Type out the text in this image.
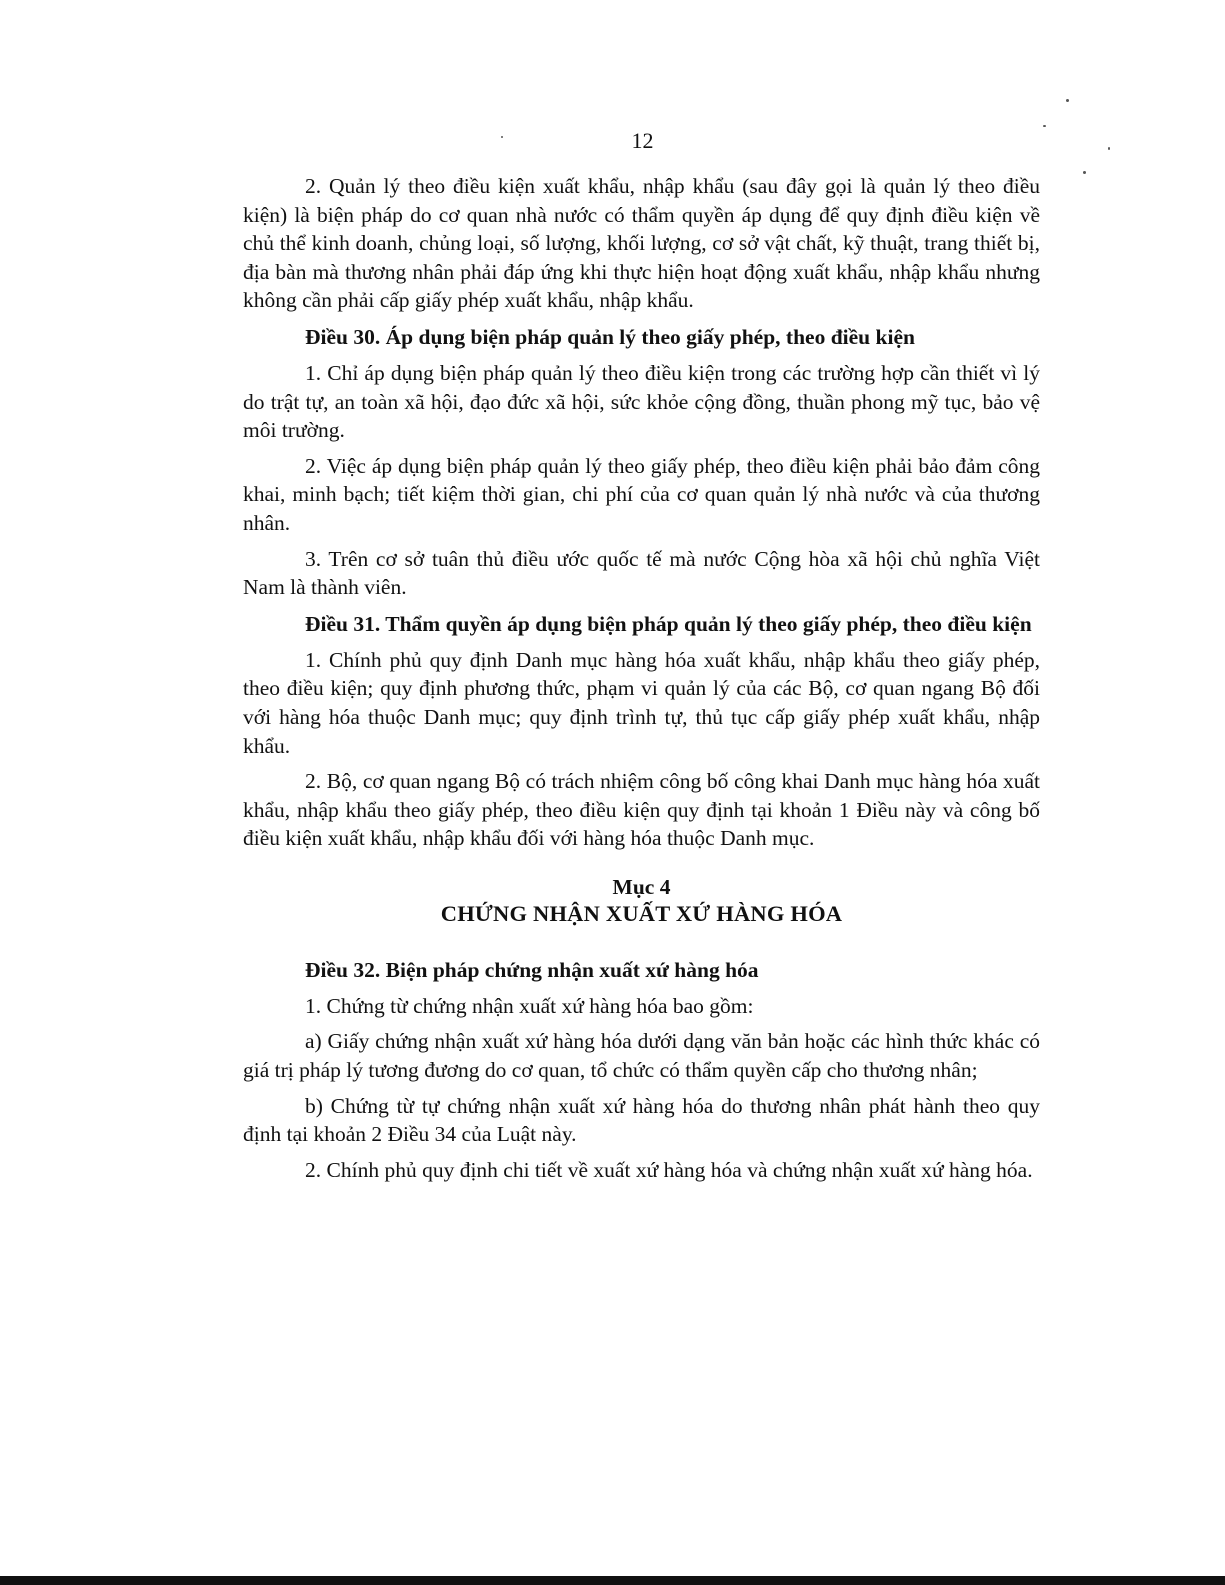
12

2. Quản lý theo điều kiện xuất khẩu, nhập khẩu (sau đây gọi là quản lý theo điều kiện) là biện pháp do cơ quan nhà nước có thẩm quyền áp dụng để quy định điều kiện về chủ thể kinh doanh, chủng loại, số lượng, khối lượng, cơ sở vật chất, kỹ thuật, trang thiết bị, địa bàn mà thương nhân phải đáp ứng khi thực hiện hoạt động xuất khẩu, nhập khẩu nhưng không cần phải cấp giấy phép xuất khẩu, nhập khẩu.

Điều 30. Áp dụng biện pháp quản lý theo giấy phép, theo điều kiện

1. Chỉ áp dụng biện pháp quản lý theo điều kiện trong các trường hợp cần thiết vì lý do trật tự, an toàn xã hội, đạo đức xã hội, sức khỏe cộng đồng, thuần phong mỹ tục, bảo vệ môi trường.

2. Việc áp dụng biện pháp quản lý theo giấy phép, theo điều kiện phải bảo đảm công khai, minh bạch; tiết kiệm thời gian, chi phí của cơ quan quản lý nhà nước và của thương nhân.

3. Trên cơ sở tuân thủ điều ước quốc tế mà nước Cộng hòa xã hội chủ nghĩa Việt Nam là thành viên.

Điều 31. Thẩm quyền áp dụng biện pháp quản lý theo giấy phép, theo điều kiện

1. Chính phủ quy định Danh mục hàng hóa xuất khẩu, nhập khẩu theo giấy phép, theo điều kiện; quy định phương thức, phạm vi quản lý của các Bộ, cơ quan ngang Bộ đối với hàng hóa thuộc Danh mục; quy định trình tự, thủ tục cấp giấy phép xuất khẩu, nhập khẩu.

2. Bộ, cơ quan ngang Bộ có trách nhiệm công bố công khai Danh mục hàng hóa xuất khẩu, nhập khẩu theo giấy phép, theo điều kiện quy định tại khoản 1 Điều này và công bố điều kiện xuất khẩu, nhập khẩu đối với hàng hóa thuộc Danh mục.

Mục 4
CHỨNG NHẬN XUẤT XỨ HÀNG HÓA
Điều 32. Biện pháp chứng nhận xuất xứ hàng hóa

1. Chứng từ chứng nhận xuất xứ hàng hóa bao gồm:

a) Giấy chứng nhận xuất xứ hàng hóa dưới dạng văn bản hoặc các hình thức khác có giá trị pháp lý tương đương do cơ quan, tổ chức có thẩm quyền cấp cho thương nhân;

b) Chứng từ tự chứng nhận xuất xứ hàng hóa do thương nhân phát hành theo quy định tại khoản 2 Điều 34 của Luật này.

2. Chính phủ quy định chi tiết về xuất xứ hàng hóa và chứng nhận xuất xứ hàng hóa.
